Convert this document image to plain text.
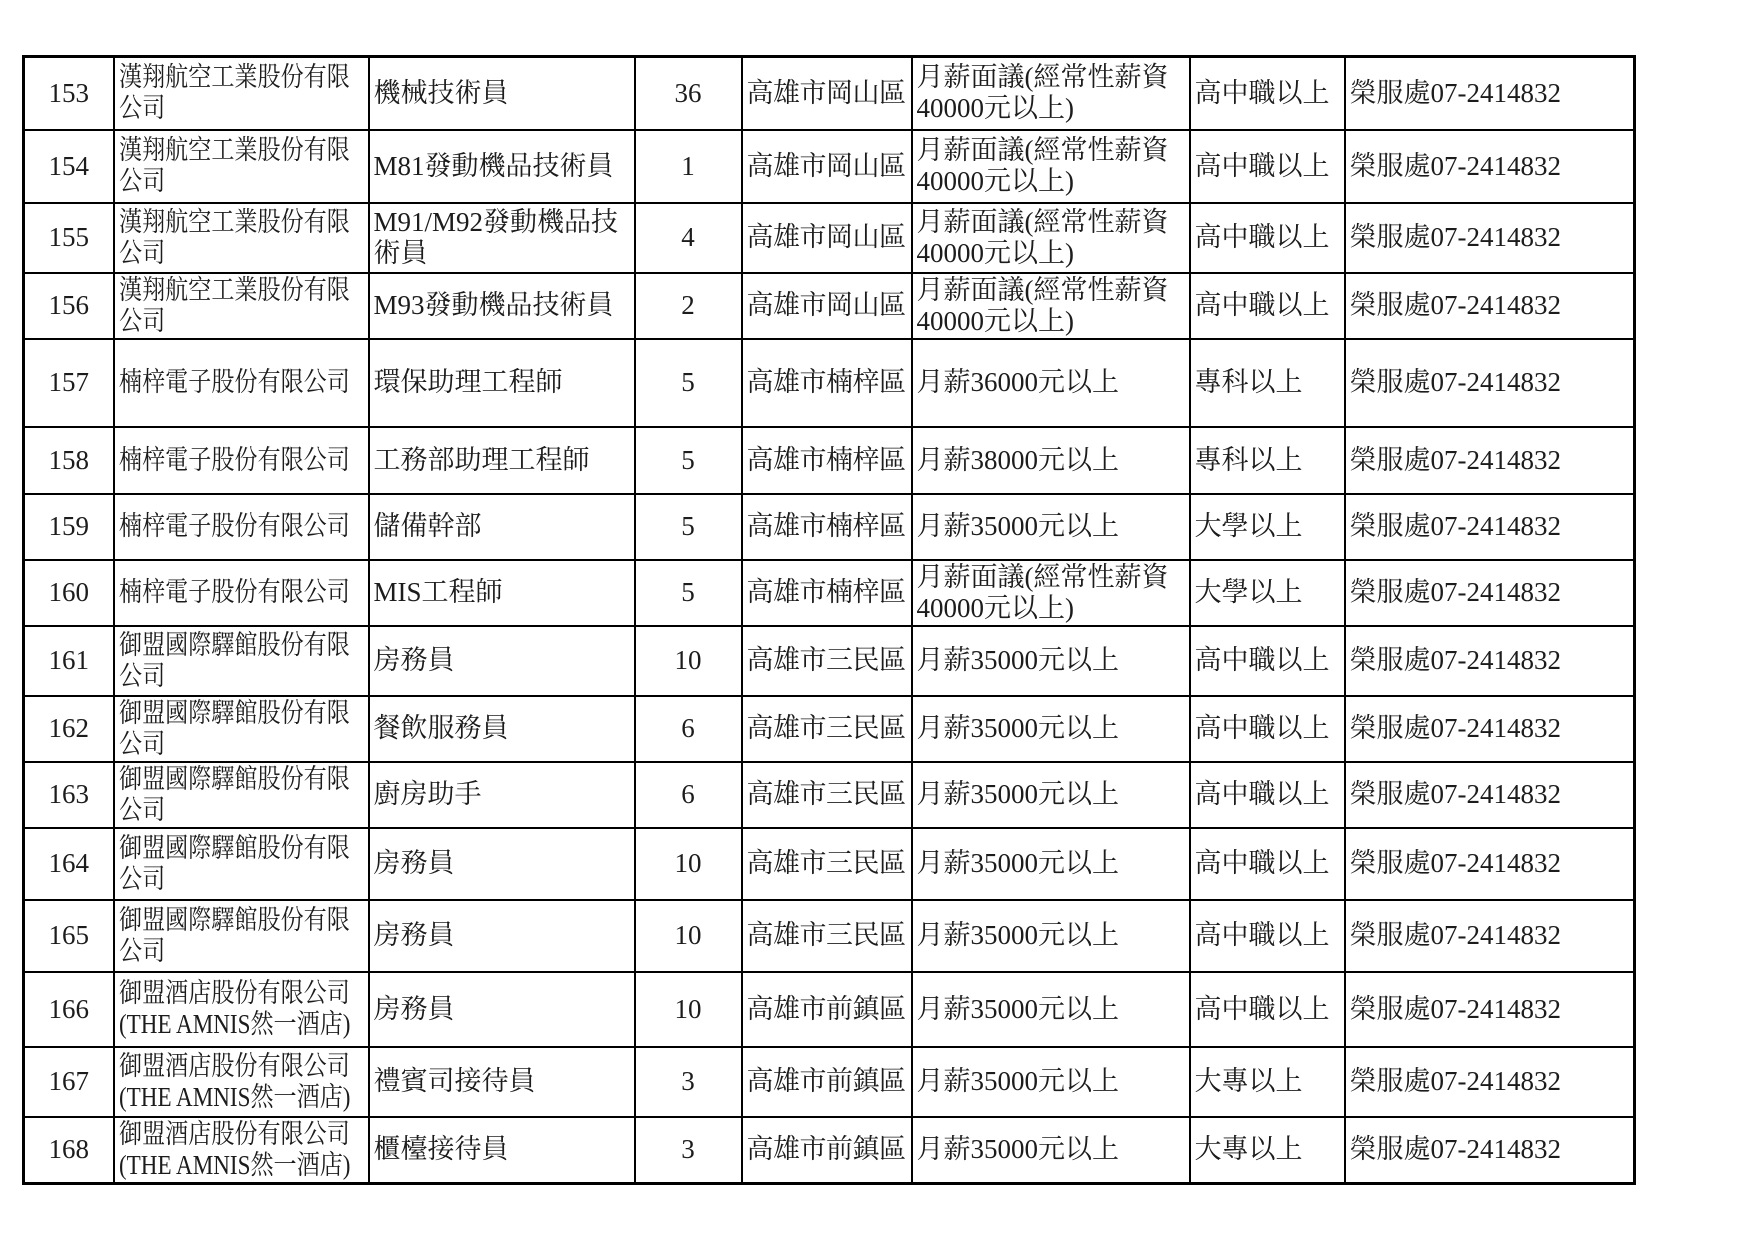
153	漢翔航空工業股份有限公司	機械技術員	36	高雄市岡山區	月薪面議(經常性薪資40000元以上)	高中職以上	榮服處07-2414832
154	漢翔航空工業股份有限公司	M81發動機品技術員	1	高雄市岡山區	月薪面議(經常性薪資40000元以上)	高中職以上	榮服處07-2414832
155	漢翔航空工業股份有限公司	M91/M92發動機品技術員	4	高雄市岡山區	月薪面議(經常性薪資40000元以上)	高中職以上	榮服處07-2414832
156	漢翔航空工業股份有限公司	M93發動機品技術員	2	高雄市岡山區	月薪面議(經常性薪資40000元以上)	高中職以上	榮服處07-2414832
157	楠梓電子股份有限公司	環保助理工程師	5	高雄市楠梓區	月薪36000元以上	專科以上	榮服處07-2414832
158	楠梓電子股份有限公司	工務部助理工程師	5	高雄市楠梓區	月薪38000元以上	專科以上	榮服處07-2414832
159	楠梓電子股份有限公司	儲備幹部	5	高雄市楠梓區	月薪35000元以上	大學以上	榮服處07-2414832
160	楠梓電子股份有限公司	MIS工程師	5	高雄市楠梓區	月薪面議(經常性薪資40000元以上)	大學以上	榮服處07-2414832
161	御盟國際驛館股份有限公司	房務員	10	高雄市三民區	月薪35000元以上	高中職以上	榮服處07-2414832
162	御盟國際驛館股份有限公司	餐飲服務員	6	高雄市三民區	月薪35000元以上	高中職以上	榮服處07-2414832
163	御盟國際驛館股份有限公司	廚房助手	6	高雄市三民區	月薪35000元以上	高中職以上	榮服處07-2414832
164	御盟國際驛館股份有限公司	房務員	10	高雄市三民區	月薪35000元以上	高中職以上	榮服處07-2414832
165	御盟國際驛館股份有限公司	房務員	10	高雄市三民區	月薪35000元以上	高中職以上	榮服處07-2414832
166	御盟酒店股份有限公司(THE AMNIS然一酒店)	房務員	10	高雄市前鎮區	月薪35000元以上	高中職以上	榮服處07-2414832
167	御盟酒店股份有限公司(THE AMNIS然一酒店)	禮賓司接待員	3	高雄市前鎮區	月薪35000元以上	大專以上	榮服處07-2414832
168	御盟酒店股份有限公司(THE AMNIS然一酒店)	櫃檯接待員	3	高雄市前鎮區	月薪35000元以上	大專以上	榮服處07-2414832
